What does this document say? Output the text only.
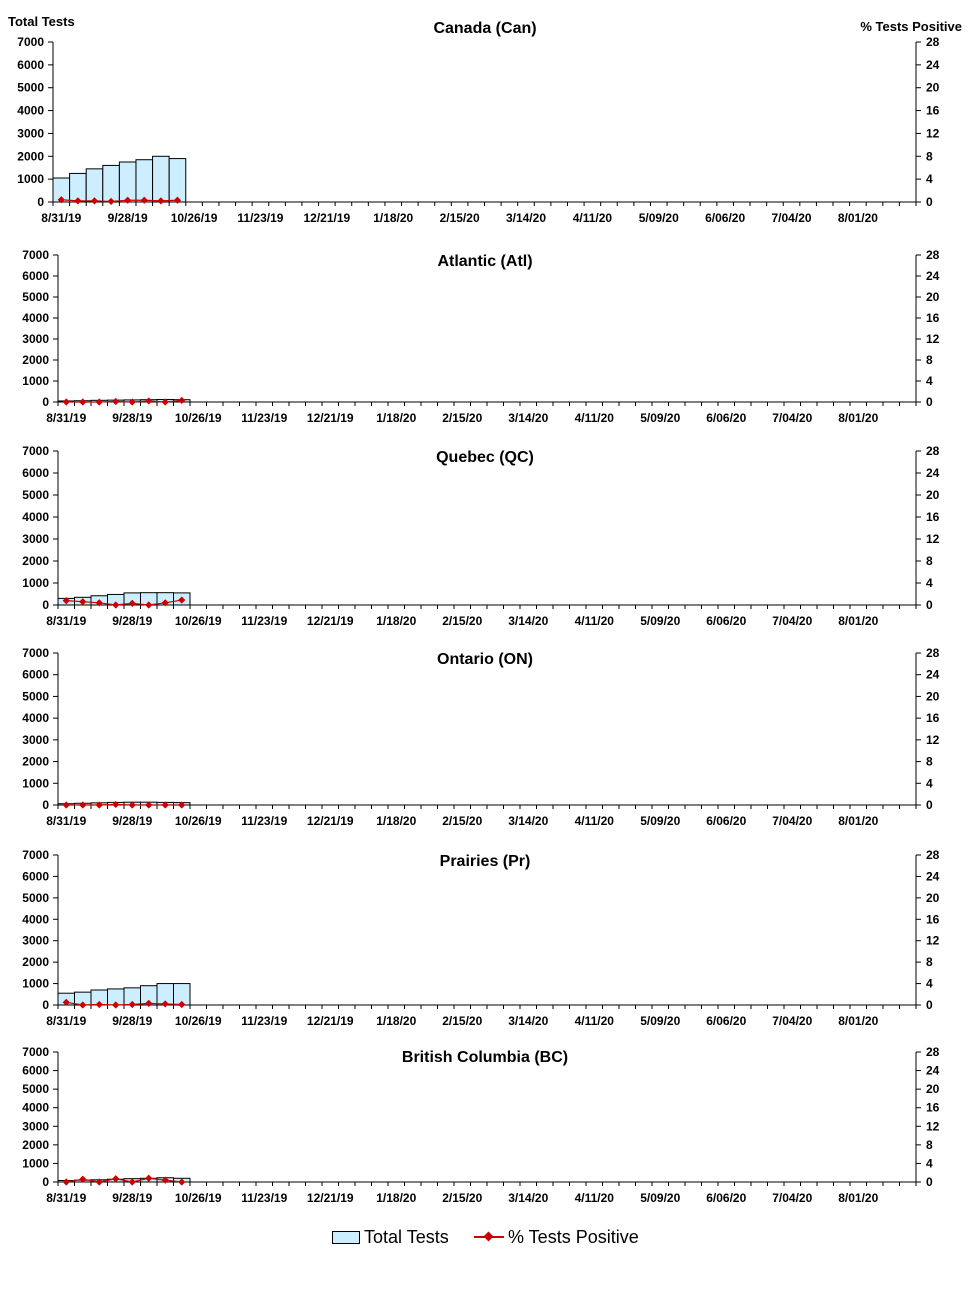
Total Tests	% Tests Positive
Canada (Can)
0
1000
2000
3000
4000
5000
6000
7000
0
4
8
12
16
20
24
28
8/31/19 9/28/19 10/26/19 11/23/19 12/21/19 1/18/20 2/15/20 3/14/20 4/11/20 5/09/20 6/06/20 7/04/20 8/01/20
Atlantic (Atl)
0
1000
2000
3000
4000
5000
6000
7000
0
4
8
12
16
20
24
28
8/31/19 9/28/19 10/26/19 11/23/19 12/21/19 1/18/20 2/15/20 3/14/20 4/11/20 5/09/20 6/06/20 7/04/20 8/01/20
Quebec (QC)
0
1000
2000
3000
4000
5000
6000
7000
0
4
8
12
16
20
24
28
8/31/19 9/28/19 10/26/19 11/23/19 12/21/19 1/18/20 2/15/20 3/14/20 4/11/20 5/09/20 6/06/20 7/04/20 8/01/20
Ontario (ON)
0
1000
2000
3000
4000
5000
6000
7000
0
4
8
12
16
20
24
28
8/31/19 9/28/19 10/26/19 11/23/19 12/21/19 1/18/20 2/15/20 3/14/20 4/11/20 5/09/20 6/06/20 7/04/20 8/01/20
Prairies (Pr)
0
1000
2000
3000
4000
5000
6000
7000
0
4
8
12
16
20
24
28
8/31/19 9/28/19 10/26/19 11/23/19 12/21/19 1/18/20 2/15/20 3/14/20 4/11/20 5/09/20 6/06/20 7/04/20 8/01/20
British Columbia (BC)
0
1000
2000
3000
4000
5000
6000
7000
0
4
8
12
16
20
24
28
8/31/19 9/28/19 10/26/19 11/23/19 12/21/19 1/18/20 2/15/20 3/14/20 4/11/20 5/09/20 6/06/20 7/04/20 8/01/20
Total Tests	% Tests Positive
